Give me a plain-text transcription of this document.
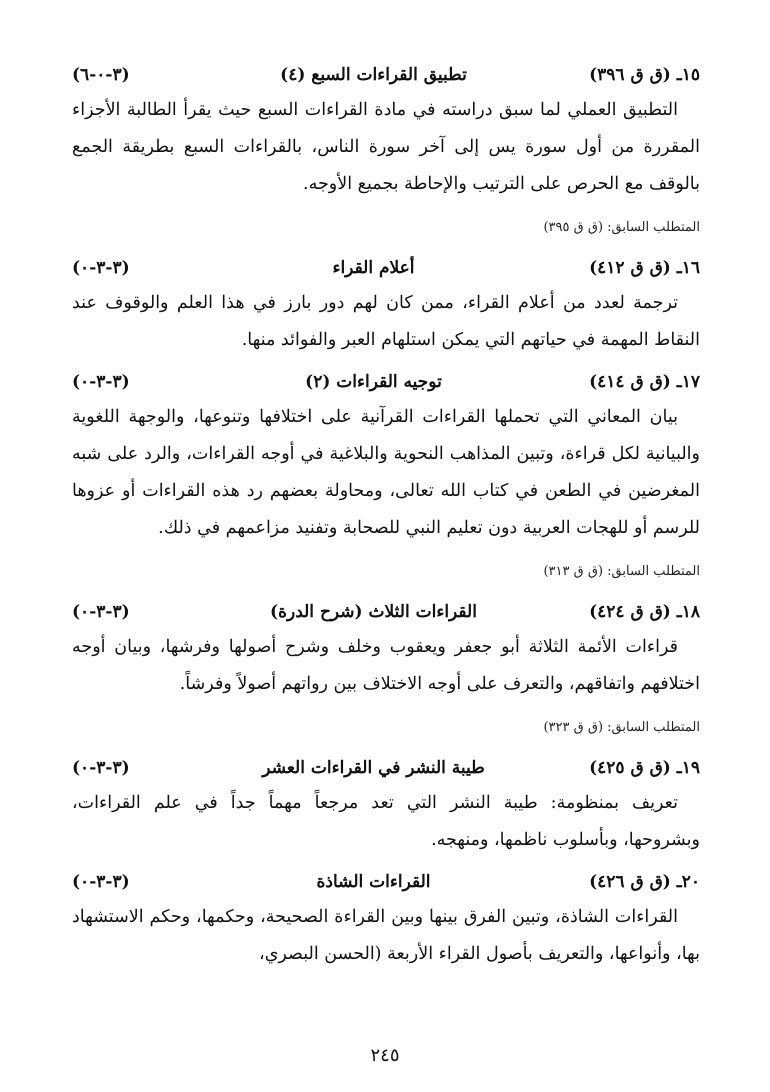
١٥ـ (ق ق ٣٩٦)
تطبيق القراءات السبع (٤)
(٣-٠-٦)

التطبيق العملي لما سبق دراسته في مادة القراءات السبع حيث يقرأ الطالبة الأجزاء المقررة من أول سورة يس إلى آخر سورة الناس، بالقراءات السبع بطريقة الجمع بالوقف مع الحرص على الترتيب والإحاطة بجميع الأوجه.

المتطلب السابق: (ق ق ٣٩٥)
١٦ـ (ق ق ٤١٢)
أعلام القراء
(٣-٣-٠)

ترجمة لعدد من أعلام القراء، ممن كان لهم دور بارز في هذا العلم والوقوف عند النقاط المهمة في حياتهم التي يمكن استلهام العبر والفوائد منها.

١٧ـ (ق ق ٤١٤)
توجيه القراءات (٢)
(٣-٣-٠)

بيان المعاني التي تحملها القراءات القرآنية على اختلافها وتنوعها، والوجهة اللغوية والبيانية لكل قراءة، وتبين المذاهب النحوية والبلاغية في أوجه القراءات، والرد على شبه المغرضين في الطعن في كتاب الله تعالى، ومحاولة بعضهم رد هذه القراءات أو عزوها للرسم أو للهجات العربية دون تعليم النبي للصحابة وتفنيد مزاعمهم في ذلك.

المتطلب السابق: (ق ق ٣١٣)
١٨ـ (ق ق ٤٢٤)
القراءات الثلاث (شرح الدرة)
(٣-٣-٠)

قراءات الأئمة الثلاثة أبو جعفر ويعقوب وخلف وشرح أصولها وفرشها، وبيان أوجه اختلافهم واتفاقهم، والتعرف على أوجه الاختلاف بين رواتهم أصولاً وفرشاً.

المتطلب السابق: (ق ق ٣٢٣)
١٩ـ (ق ق ٤٢٥)
طيبة النشر في القراءات العشر
(٣-٣-٠)

تعريف بمنظومة: طيبة النشر التي تعد مرجعاً مهماً جداً في علم القراءات، وبشروحها، وبأسلوب ناظمها، ومنهجه.

٢٠ـ (ق ق ٤٢٦)
القراءات الشاذة
(٣-٣-٠)

القراءات الشاذة، وتبين الفرق بينها وبين القراءة الصحيحة، وحكمها، وحكم الاستشهاد بها، وأنواعها، والتعريف بأصول القراء الأربعة (الحسن البصري،

٢٤٥
